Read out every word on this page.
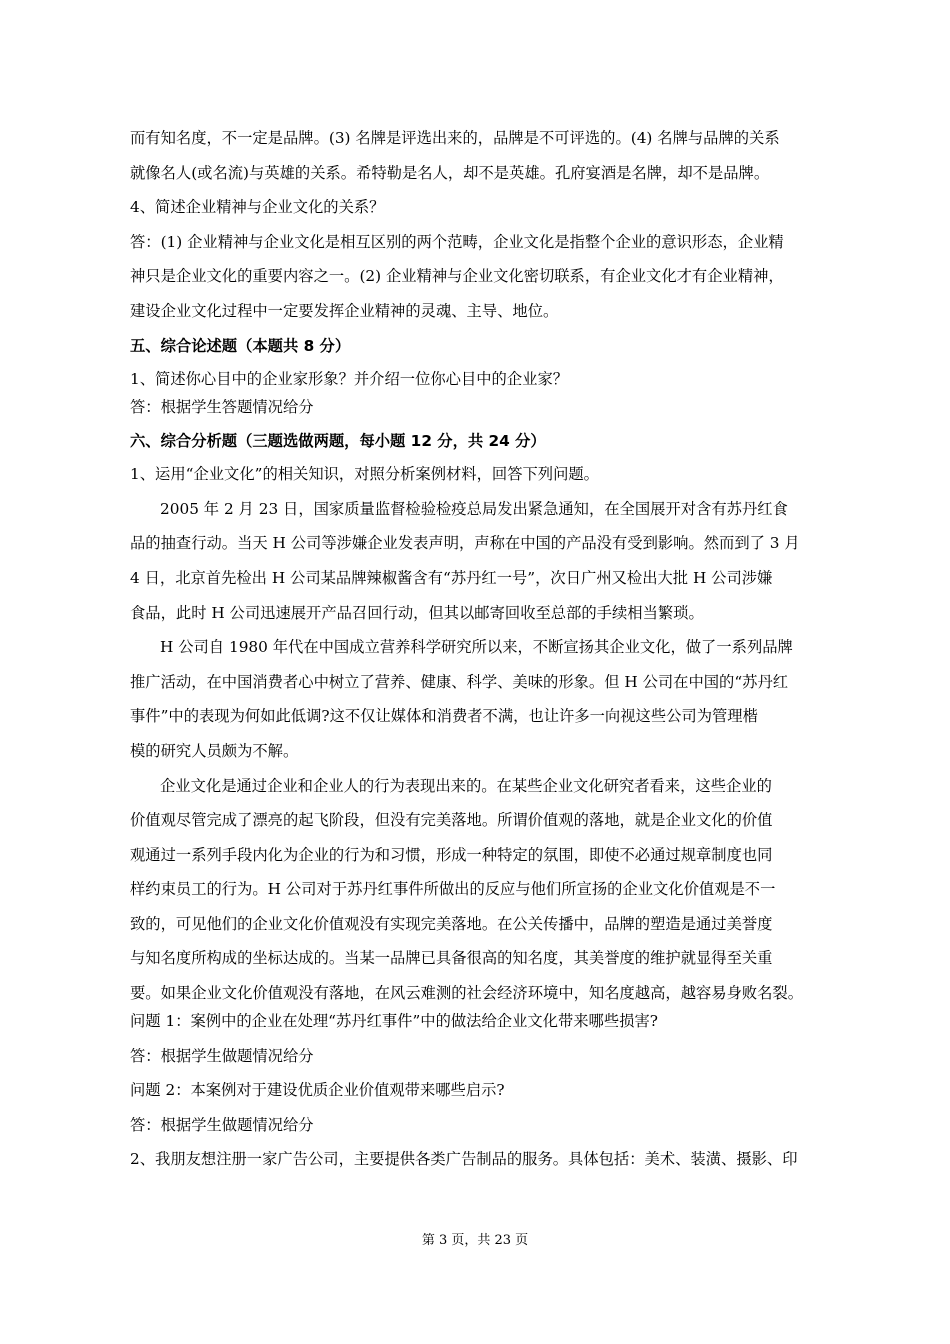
而有知名度，不一定是品牌。(3) 名牌是评选出来的，品牌是不可评选的。(4) 名牌与品牌的关系
就像名人(或名流)与英雄的关系。希特勒是名人，却不是英雄。孔府宴酒是名牌，却不是品牌。
4、简述企业精神与企业文化的关系？
答：(1) 企业精神与企业文化是相互区别的两个范畴，企业文化是指整个企业的意识形态，企业精
神只是企业文化的重要内容之一。(2) 企业精神与企业文化密切联系，有企业文化才有企业精神，
建设企业文化过程中一定要发挥企业精神的灵魂、主导、地位。
五、综合论述题（本题共 8 分）
1、简述你心目中的企业家形象？并介绍一位你心目中的企业家？
答：根据学生答题情况给分
六、综合分析题（三题选做两题，每小题 12 分，共 24 分）
1、运用“企业文化”的相关知识，对照分析案例材料，回答下列问题。
2005 年 2 月 23 日，国家质量监督检验检疫总局发出紧急通知，在全国展开对含有苏丹红食
品的抽查行动。当天 H 公司等涉嫌企业发表声明，声称在中国的产品没有受到影响。然而到了 3 月
4 日，北京首先检出 H 公司某品牌辣椒酱含有“苏丹红一号”，次日广州又检出大批 H 公司涉嫌
食品，此时 H 公司迅速展开产品召回行动，但其以邮寄回收至总部的手续相当繁琐。
H 公司自 1980 年代在中国成立营养科学研究所以来，不断宣扬其企业文化，做了一系列品牌
推广活动，在中国消费者心中树立了营养、健康、科学、美味的形象。但 H 公司在中国的“苏丹红
事件”中的表现为何如此低调?这不仅让媒体和消费者不满，也让许多一向视这些公司为管理楷
模的研究人员颇为不解。
企业文化是通过企业和企业人的行为表现出来的。在某些企业文化研究者看来，这些企业的
价值观尽管完成了漂亮的起飞阶段，但没有完美落地。所谓价值观的落地，就是企业文化的价值
观通过一系列手段内化为企业的行为和习惯，形成一种特定的氛围，即使不必通过规章制度也同
样约束员工的行为。H 公司对于苏丹红事件所做出的反应与他们所宣扬的企业文化价值观是不一
致的，可见他们的企业文化价值观没有实现完美落地。在公关传播中，品牌的塑造是通过美誉度
与知名度所构成的坐标达成的。当某一品牌已具备很高的知名度，其美誉度的维护就显得至关重
要。如果企业文化价值观没有落地，在风云难测的社会经济环境中，知名度越高，越容易身败名裂。
问题 1：案例中的企业在处理“苏丹红事件”中的做法给企业文化带来哪些损害?
答：根据学生做题情况给分
问题 2：本案例对于建设优质企业价值观带来哪些启示?
答：根据学生做题情况给分
2、我朋友想注册一家广告公司，主要提供各类广告制品的服务。具体包括：美术、装潢、摄影、印
第 3 页，共 23 页
